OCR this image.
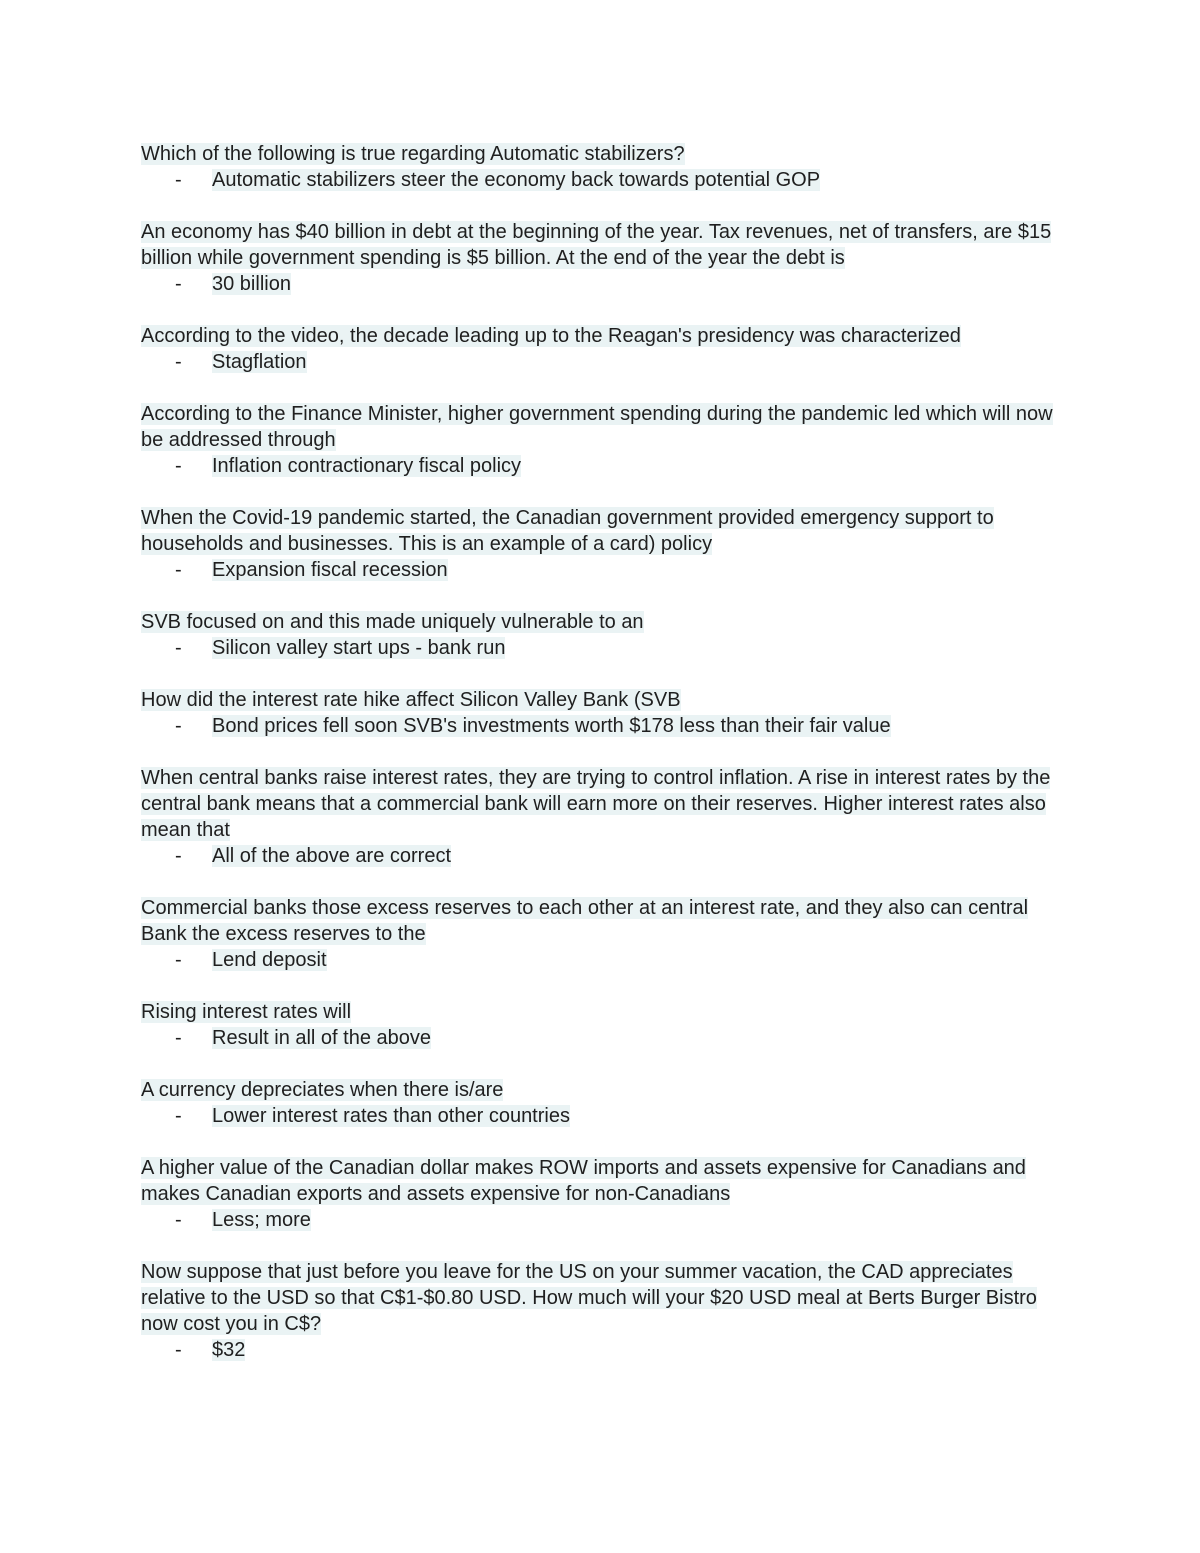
Which of the following is true regarding Automatic stabilizers?

-	Automatic stabilizers steer the economy back towards potential GOP

An economy has $40 billion in debt at the beginning of the year. Tax revenues, net of transfers, are $15 billion while government spending is $5 billion. At the end of the year the debt is

-	30 billion

According to the video, the decade leading up to the Reagan's presidency was characterized

-	Stagflation

According to the Finance Minister, higher government spending during the pandemic led which will now be addressed through

-	Inflation contractionary fiscal policy

When the Covid-19 pandemic started, the Canadian government provided emergency support to households and businesses. This is an example of a card) policy

-	Expansion fiscal recession

SVB focused on and this made uniquely vulnerable to an

-	Silicon valley start ups - bank run

How did the interest rate hike affect Silicon Valley Bank (SVB

-	Bond prices fell soon SVB's investments worth $178 less than their fair value

When central banks raise interest rates, they are trying to control inflation. A rise in interest rates by the central bank means that a commercial bank will earn more on their reserves. Higher interest rates also mean that

-	All of the above are correct

Commercial banks those excess reserves to each other at an interest rate, and they also can central Bank the excess reserves to the

-	Lend deposit

Rising interest rates will

-	Result in all of the above

A currency depreciates when there is/are

-	Lower interest rates than other countries

A higher value of the Canadian dollar makes ROW imports and assets expensive for Canadians and makes Canadian exports and assets expensive for non-Canadians

-	Less; more

Now suppose that just before you leave for the US on your summer vacation, the CAD appreciates relative to the USD so that C$1-$0.80 USD. How much will your $20 USD meal at Berts Burger Bistro now cost you in C$?

-	$32
